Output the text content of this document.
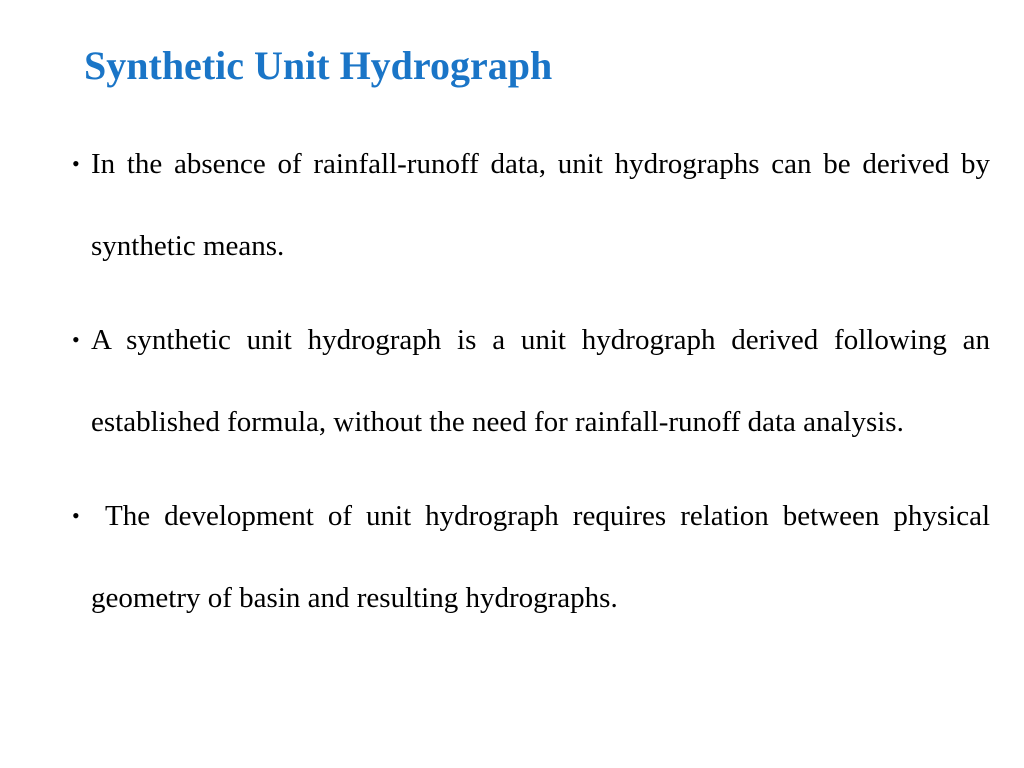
Synthetic Unit Hydrograph
• In the absence of rainfall-runoff data, unit hydrographs can be derived by synthetic means.
• A synthetic unit hydrograph is a unit hydrograph derived following an established formula, without the need for rainfall-runoff data analysis.
• The development of unit hydrograph requires relation between physical geometry of basin and resulting hydrographs.
